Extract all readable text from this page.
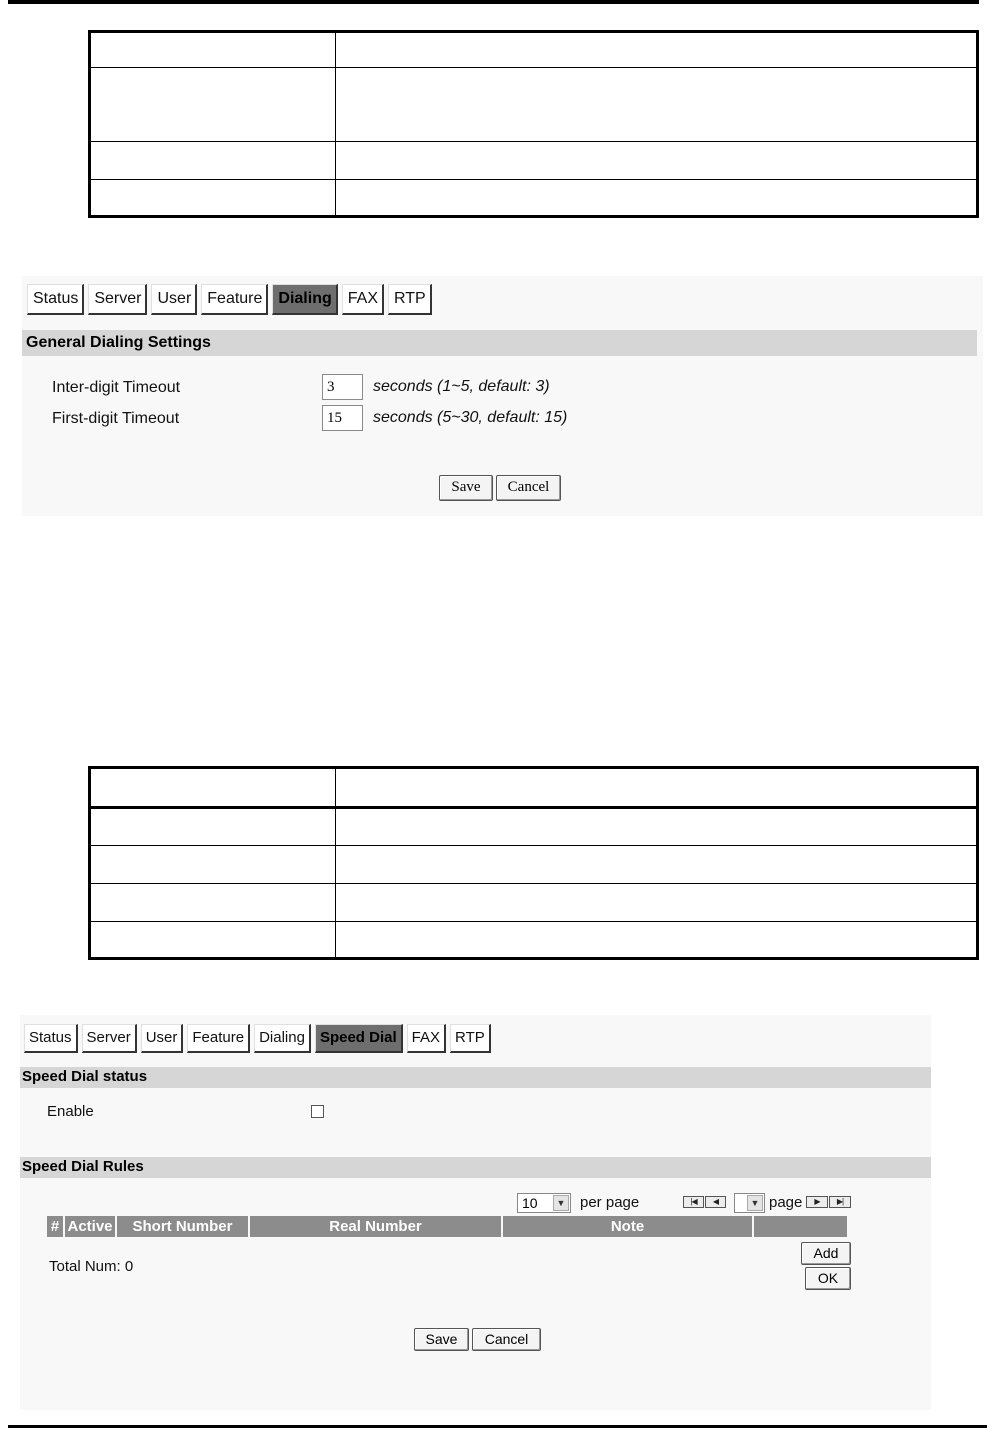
Status	Server	User	Feature	Dialing	FAX	RTP
General Dialing Settings
Inter-digit Timeout	3	seconds (1~5, default: 3)
First-digit Timeout	15	seconds (5~30, default: 15)
Save	Cancel

Status	Server	User	Feature	Dialing	Speed Dial	FAX	RTP
Speed Dial status
Enable
Speed Dial Rules
10	▼ per page	|◀	◀	▼ page	▶	▶|
# Active	Short Number	Real Number	Note
Total Num: 0
Add
OK
Save	Cancel
